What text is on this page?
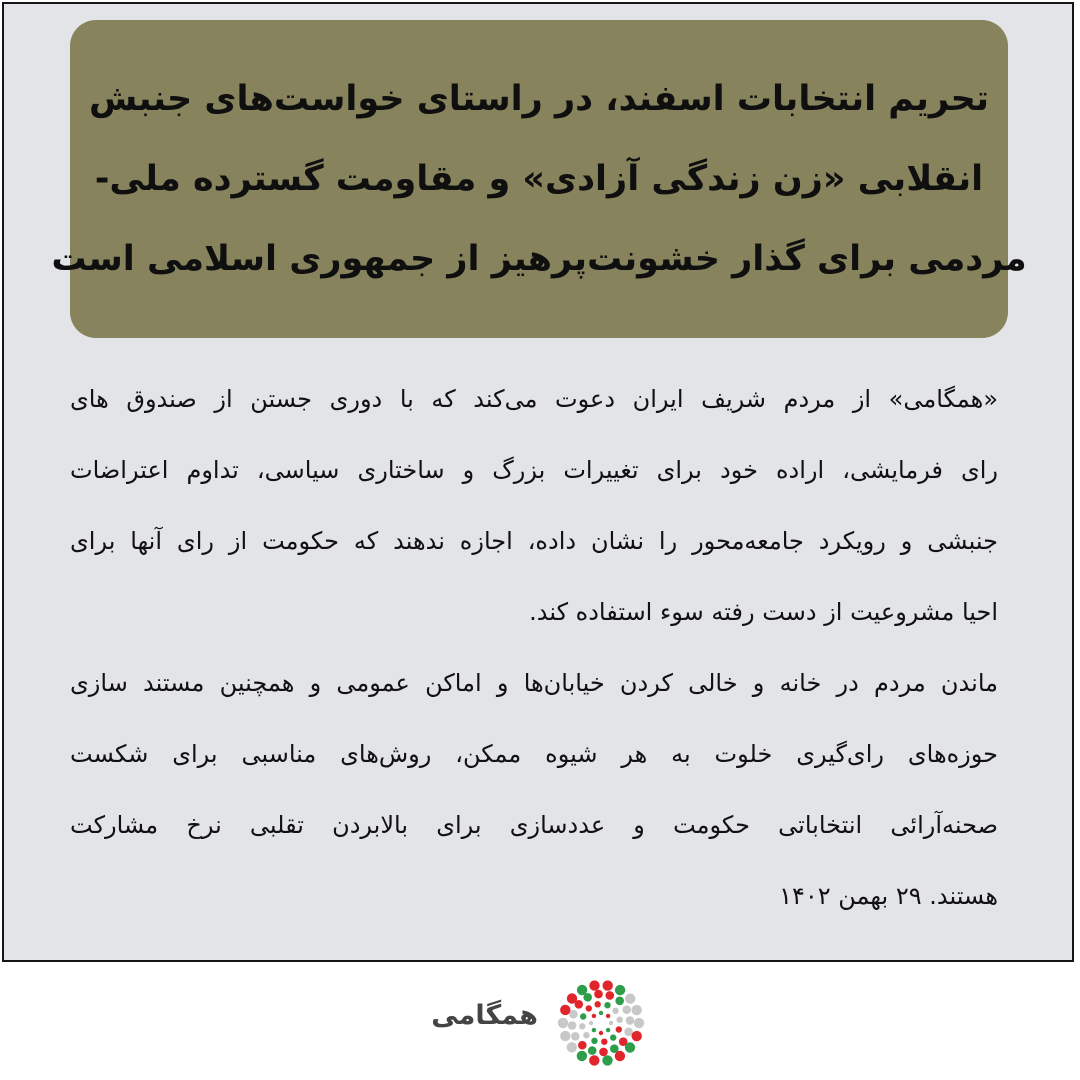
تحریم انتخابات اسفند، در راستای خواست‌های جنبش
انقلابی «زن زندگی آزادی» و مقاومت گسترده ملی-
مردمی برای گذار خشونت‌پرهیز از جمهوری اسلامی است
«همگامی» از مردم شریف ایران دعوت می‌کند که با دوری جستن از صندوق های
رای فرمایشی، اراده خود برای تغییرات بزرگ و ساختاری سیاسی، تداوم اعتراضات
جنبشی و رویکرد جامعه‌محور را نشان داده، اجازه ندهند که حکومت از رای آنها برای
احیا مشروعیت از دست رفته سوء استفاده کند.
ماندن مردم در خانه و خالی کردن خیابان‌ها و اماکن عمومی و همچنین مستند سازی
حوزه‌های رای‌گیری خلوت به هر شیوه ممکن، روش‌های مناسبی برای شکست
صحنه‌آرائی انتخاباتی حکومت و عددسازی برای بالابردن تقلبی نرخ مشارکت
هستند. ۲۹ بهمن ۱۴۰۲
همگامی
